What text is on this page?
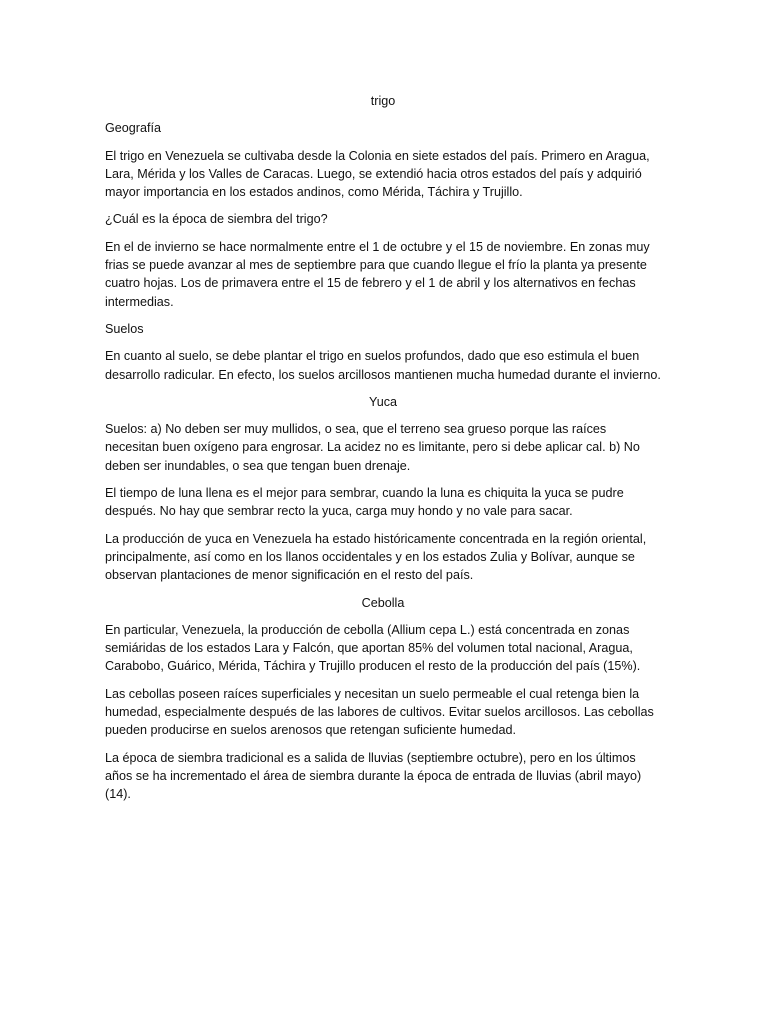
trigo

Geografía

El trigo en Venezuela se cultivaba desde la Colonia en siete estados del país. Primero en Aragua, Lara, Mérida y los Valles de Caracas. Luego, se extendió hacia otros estados del país y adquirió mayor importancia en los estados andinos, como Mérida, Táchira y Trujillo.

¿Cuál es la época de siembra del trigo?

En el de invierno se hace normalmente entre el 1 de octubre y el 15 de noviembre. En zonas muy frias se puede avanzar al mes de septiembre para que cuando llegue el frío la planta ya presente cuatro hojas. Los de primavera entre el 15 de febrero y el 1 de abril y los alternativos en fechas intermedias.

Suelos

En cuanto al suelo, se debe plantar el trigo en suelos profundos, dado que eso estimula el buen desarrollo radicular. En efecto, los suelos arcillosos mantienen mucha humedad durante el invierno.

Yuca

Suelos: a) No deben ser muy mullidos, o sea, que el terreno sea grueso porque las raíces necesitan buen oxígeno para engrosar. La acidez no es limitante, pero si debe aplicar cal. b) No deben ser inundables, o sea que tengan buen drenaje.

El tiempo de luna llena es el mejor para sembrar, cuando la luna es chiquita la yuca se pudre después. No hay que sembrar recto la yuca, carga muy hondo y no vale para sacar.

La producción de yuca en Venezuela ha estado históricamente concentrada en la región oriental, principalmente, así como en los llanos occidentales y en los estados Zulia y Bolívar, aunque se observan plantaciones de menor significación en el resto del país.

Cebolla

En particular, Venezuela, la producción de cebolla (Allium cepa L.) está concentrada en zonas semiáridas de los estados Lara y Falcón, que aportan 85% del volumen total nacional, Aragua, Carabobo, Guárico, Mérida, Táchira y Trujillo producen el resto de la producción del país (15%).

Las cebollas poseen raíces superficiales y necesitan un suelo permeable el cual retenga bien la humedad, especialmente después de las labores de cultivos. Evitar suelos arcillosos. Las cebollas pueden producirse en suelos arenosos que retengan suficiente humedad.

La época de siembra tradicional es a salida de lluvias (septiembre octubre), pero en los últimos años se ha incrementado el área de siembra durante la época de entrada de lluvias (abril mayo) (14).
